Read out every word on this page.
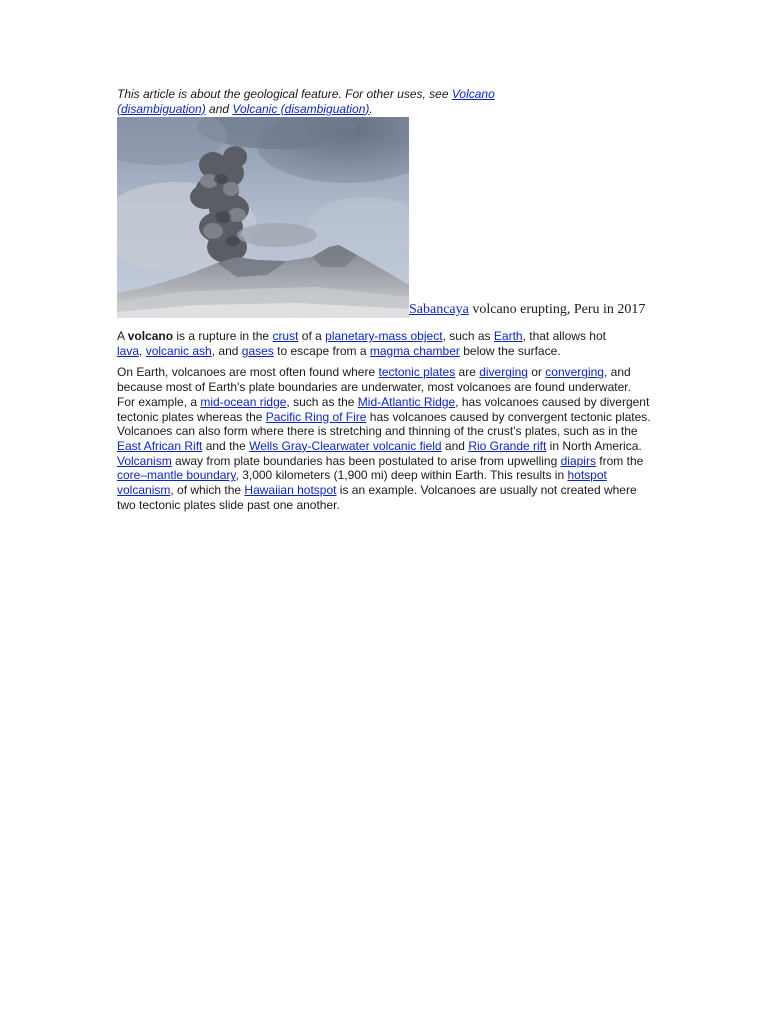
This article is about the geological feature. For other uses, see Volcano (disambiguation) and Volcanic (disambiguation).

Sabancaya volcano erupting, Peru in 2017

A volcano is a rupture in the crust of a planetary-mass object, such as Earth, that allows hot lava, volcanic ash, and gases to escape from a magma chamber below the surface.

On Earth, volcanoes are most often found where tectonic plates are diverging or converging, and because most of Earth's plate boundaries are underwater, most volcanoes are found underwater. For example, a mid-ocean ridge, such as the Mid-Atlantic Ridge, has volcanoes caused by divergent tectonic plates whereas the Pacific Ring of Fire has volcanoes caused by convergent tectonic plates. Volcanoes can also form where there is stretching and thinning of the crust's plates, such as in the East African Rift and the Wells Gray-Clearwater volcanic field and Rio Grande rift in North America. Volcanism away from plate boundaries has been postulated to arise from upwelling diapirs from the core–mantle boundary, 3,000 kilometers (1,900 mi) deep within Earth. This results in hotspot volcanism, of which the Hawaiian hotspot is an example. Volcanoes are usually not created where two tectonic plates slide past one another.
